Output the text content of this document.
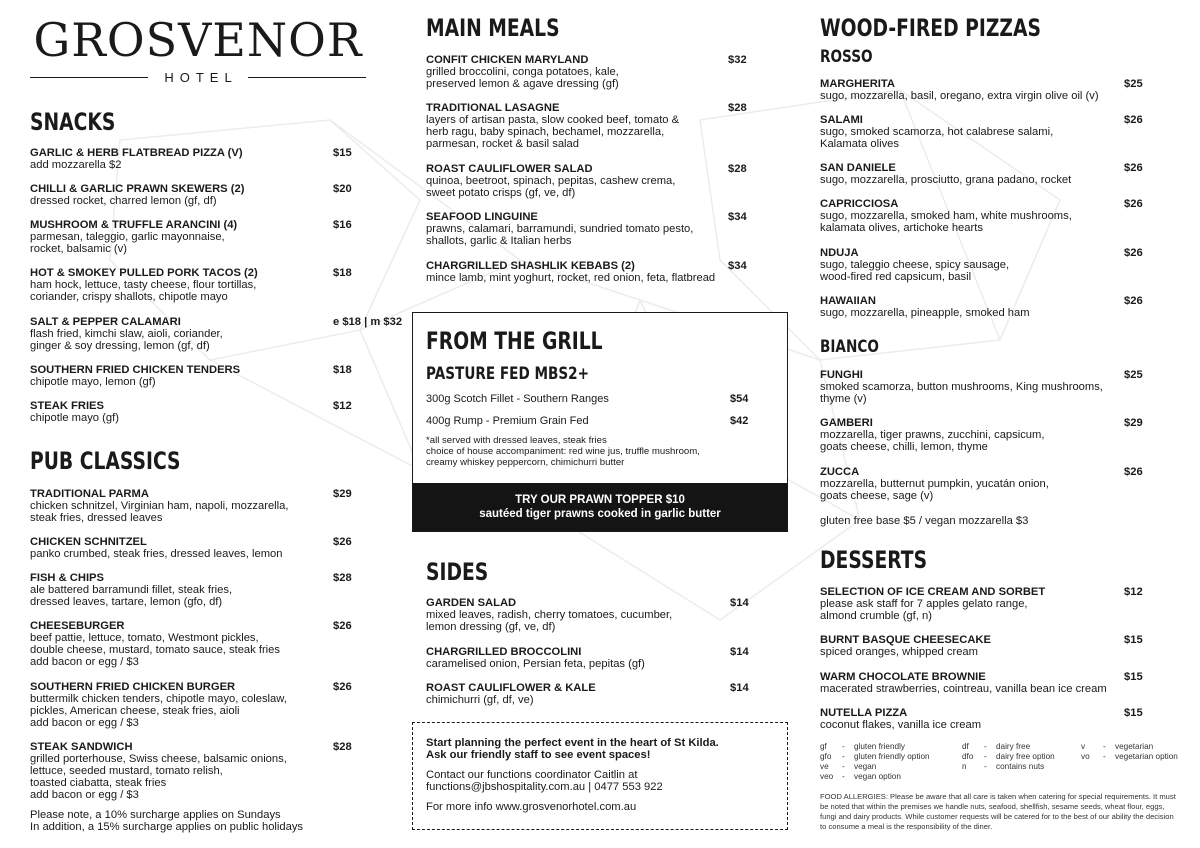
GROSVENOR
HOTEL
SNACKS
GARLIC & HERB FLATBREAD PIZZA (V)
add mozzarella $2
$15
CHILLI & GARLIC PRAWN SKEWERS (2)
dressed rocket, charred lemon (gf, df)
$20
MUSHROOM & TRUFFLE ARANCINI (4)
parmesan, taleggio, garlic mayonnaise,
rocket, balsamic (v)
$16
HOT & SMOKEY PULLED PORK TACOS (2)
ham hock, lettuce, tasty cheese, flour tortillas,
coriander, crispy shallots, chipotle mayo
$18
SALT & PEPPER CALAMARI
flash fried, kimchi slaw, aioli, coriander,
ginger & soy dressing, lemon (gf, df)
e $18 | m $32
SOUTHERN FRIED CHICKEN TENDERS
chipotle mayo, lemon (gf)
$18
STEAK FRIES
chipotle mayo (gf)
$12
PUB CLASSICS
TRADITIONAL PARMA
chicken schnitzel, Virginian ham, napoli, mozzarella,
steak fries, dressed leaves
$29
CHICKEN SCHNITZEL
panko crumbed, steak fries, dressed leaves, lemon
$26
FISH & CHIPS
ale battered barramundi fillet, steak fries,
dressed leaves, tartare, lemon (gfo, df)
$28
CHEESEBURGER
beef pattie, lettuce, tomato, Westmont pickles,
double cheese, mustard, tomato sauce, steak fries
add bacon or egg / $3
$26
SOUTHERN FRIED CHICKEN BURGER
buttermilk chicken tenders, chipotle mayo, coleslaw,
pickles, American cheese, steak fries, aioli
add bacon or egg / $3
$26
STEAK SANDWICH
grilled porterhouse, Swiss cheese, balsamic onions,
lettuce, seeded mustard, tomato relish,
toasted ciabatta, steak fries
add bacon or egg / $3
$28
Please note, a 10% surcharge applies on Sundays
In addition, a 15% surcharge applies on public holidays
MAIN MEALS
CONFIT CHICKEN MARYLAND
grilled broccolini, conga potatoes, kale,
preserved lemon & agave dressing (gf)
$32
TRADITIONAL LASAGNE
layers of artisan pasta, slow cooked beef, tomato &
herb ragu, baby spinach, bechamel, mozzarella,
parmesan, rocket & basil salad
$28
ROAST CAULIFLOWER SALAD
quinoa, beetroot, spinach, pepitas, cashew crema,
sweet potato crisps (gf, ve, df)
$28
SEAFOOD LINGUINE
prawns, calamari, barramundi, sundried tomato pesto,
shallots, garlic & Italian herbs
$34
CHARGRILLED SHASHLIK KEBABS (2)
mince lamb, mint yoghurt, rocket, red onion, feta, flatbread
$34
FROM THE GRILL
PASTURE FED MBS2+
300g Scotch Fillet - Southern Ranges	$54
400g Rump - Premium Grain Fed	$42
*all served with dressed leaves, steak fries
choice of house accompaniment: red wine jus, truffle mushroom,
creamy whiskey peppercorn, chimichurri butter
TRY OUR PRAWN TOPPER $10
sautéed tiger prawns cooked in garlic butter
SIDES
GARDEN SALAD
mixed leaves, radish, cherry tomatoes, cucumber,
lemon dressing (gf, ve, df)
$14
CHARGRILLED BROCCOLINI
caramelised onion, Persian feta, pepitas (gf)
$14
ROAST CAULIFLOWER & KALE
chimichurri (gf, df, ve)
$14
Start planning the perfect event in the heart of St Kilda.
Ask our friendly staff to see event spaces!
Contact our functions coordinator Caitlin at
functions@jbshospitality.com.au | 0477 553 922
For more info www.grosvenorhotel.com.au
WOOD-FIRED PIZZAS
ROSSO
MARGHERITA
sugo, mozzarella, basil, oregano, extra virgin olive oil (v)
$25
SALAMI
sugo, smoked scamorza, hot calabrese salami,
Kalamata olives
$26
SAN DANIELE
sugo, mozzarella, prosciutto, grana padano, rocket
$26
CAPRICCIOSA
sugo, mozzarella, smoked ham, white mushrooms,
kalamata olives, artichoke hearts
$26
NDUJA
sugo, taleggio cheese, spicy sausage,
wood-fired red capsicum, basil
$26
HAWAIIAN
sugo, mozzarella, pineapple, smoked ham
$26
BIANCO
FUNGHI
smoked scamorza, button mushrooms, King mushrooms,
thyme (v)
$25
GAMBERI
mozzarella, tiger prawns, zucchini, capsicum,
goats cheese, chilli, lemon, thyme
$29
ZUCCA
mozzarella, butternut pumpkin, yucatán onion,
goats cheese, sage (v)
$26
gluten free base $5 / vegan mozzarella $3
DESSERTS
SELECTION OF ICE CREAM AND SORBET
please ask staff for 7 apples gelato range,
almond crumble (gf, n)
$12
BURNT BASQUE CHEESECAKE
spiced oranges, whipped cream
$15
WARM CHOCOLATE BROWNIE
macerated strawberries, cointreau, vanilla bean ice cream
$15
NUTELLA PIZZA
coconut flakes, vanilla ice cream
$15
gf - gluten friendly
gfo - gluten friendly option
ve - vegan
veo - vegan option
df - dairy free
dfo - dairy free option
n - contains nuts
v - vegetarian
vo - vegetarian option
FOOD ALLERGIES: Please be aware that all care is taken when catering for special requirements. It must be noted that within the premises we handle nuts, seafood, shellfish, sesame seeds, wheat flour, eggs, fungi and dairy products. While customer requests will be catered for to the best of our ability the decision to consume a meal is the responsibility of the diner.
